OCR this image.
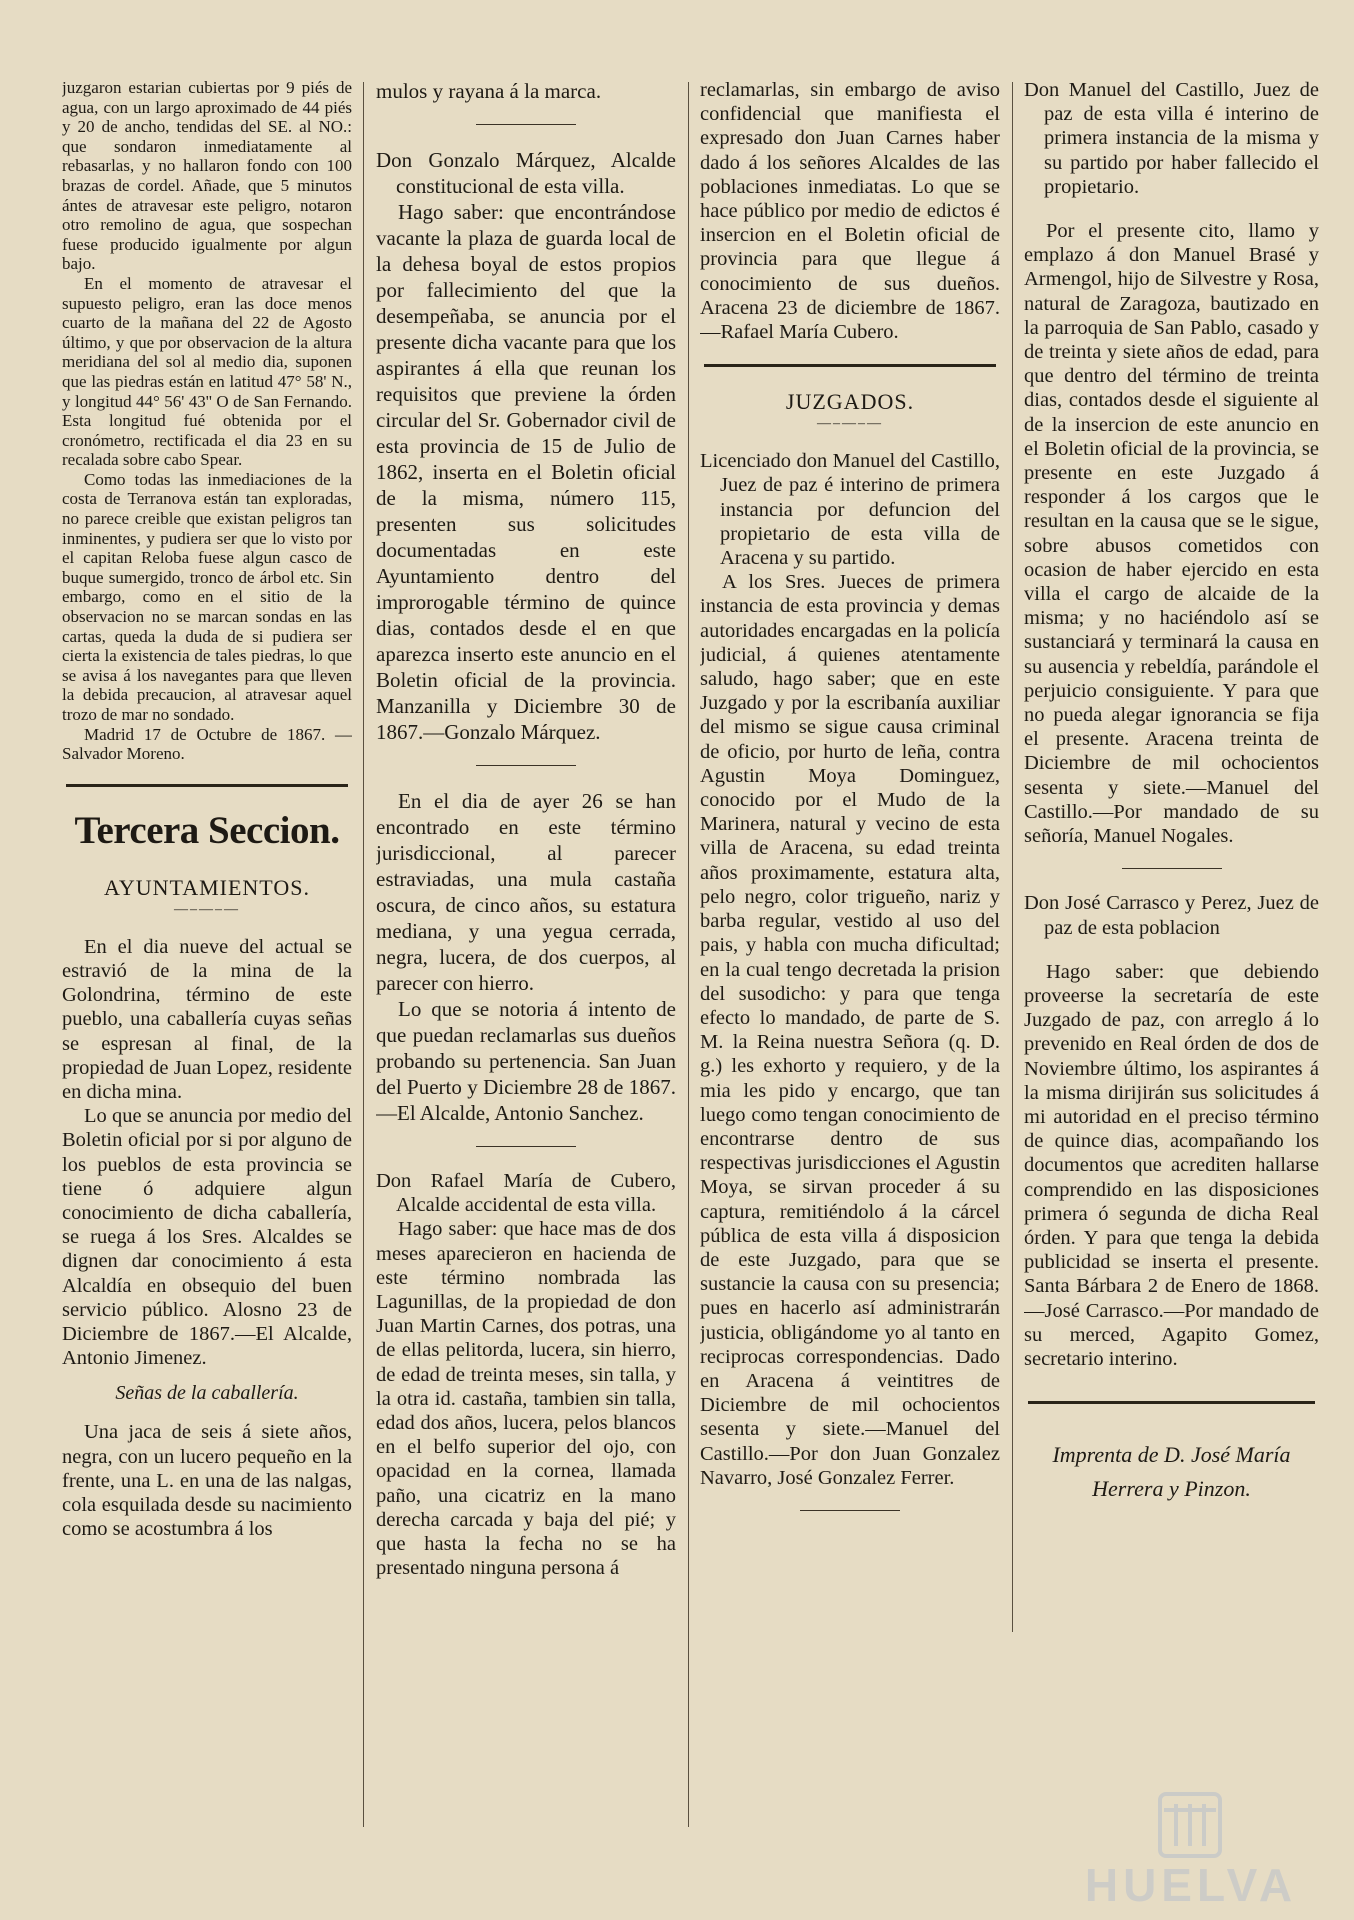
juzgaron estarian cubiertas por 9 piés de agua, con un largo aproximado de 44 piés y 20 de ancho, tendidas del SE. al NO.: que sondaron inmediatamente al rebasarlas, y no hallaron fondo con 100 brazas de cordel. Añade, que 5 minutos ántes de atravesar este peligro, notaron otro remolino de agua, que sospechan fuese producido igualmente por algun bajo.

En el momento de atravesar el supuesto peligro, eran las doce menos cuarto de la mañana del 22 de Agosto último, y que por observacion de la altura meridiana del sol al medio dia, suponen que las piedras están en latitud 47° 58' N., y longitud 44° 56' 43'' O de San Fernando. Esta longitud fué obtenida por el cronómetro, rectificada el dia 23 en su recalada sobre cabo Spear.

Como todas las inmediaciones de la costa de Terranova están tan exploradas, no parece creible que existan peligros tan inminentes, y pudiera ser que lo visto por el capitan Reloba fuese algun casco de buque sumergido, tronco de árbol etc. Sin embargo, como en el sitio de la observacion no se marcan sondas en las cartas, queda la duda de si pudiera ser cierta la existencia de tales piedras, lo que se avisa á los navegantes para que lleven la debida precaucion, al atravesar aquel trozo de mar no sondado.

Madrid 17 de Octubre de 1867. —Salvador Moreno.

Tercera Seccion.
AYUNTAMIENTOS.
—‒—‒—

En el dia nueve del actual se estravió de la mina de la Golondrina, término de este pueblo, una caballería cuyas señas se espresan al final, de la propiedad de Juan Lopez, residente en dicha mina.

Lo que se anuncia por medio del Boletin oficial por si por alguno de los pueblos de esta provincia se tiene ó adquiere algun conocimiento de dicha caballería, se ruega á los Sres. Alcaldes se dignen dar conocimiento á esta Alcaldía en obsequio del buen servicio público. Alosno 23 de Diciembre de 1867.—El Alcalde, Antonio Jimenez.

Señas de la caballería.

Una jaca de seis á siete años, negra, con un lucero pequeño en la frente, una L. en una de las nalgas, cola esquilada desde su nacimiento como se acostumbra á los

mulos y rayana á la marca.

Don Gonzalo Márquez, Alcalde constitucional de esta villa.

Hago saber: que encontrándose vacante la plaza de guarda local de la dehesa boyal de estos propios por fallecimiento del que la desempeñaba, se anuncia por el presente dicha vacante para que los aspirantes á ella que reunan los requisitos que previene la órden circular del Sr. Gobernador civil de esta provincia de 15 de Julio de 1862, inserta en el Boletin oficial de la misma, número 115, presenten sus solicitudes documentadas en este Ayuntamiento dentro del improrogable término de quince dias, contados desde el en que aparezca inserto este anuncio en el Boletin oficial de la provincia. Manzanilla y Diciembre 30 de 1867.—Gonzalo Márquez.

En el dia de ayer 26 se han encontrado en este término jurisdiccional, al parecer estraviadas, una mula castaña oscura, de cinco años, su estatura mediana, y una yegua cerrada, negra, lucera, de dos cuerpos, al parecer con hierro.

Lo que se notoria á intento de que puedan reclamarlas sus dueños probando su pertenencia. San Juan del Puerto y Diciembre 28 de 1867.—El Alcalde, Antonio Sanchez.

Don Rafael María de Cubero, Alcalde accidental de esta villa.

Hago saber: que hace mas de dos meses aparecieron en hacienda de este término nombrada las Lagunillas, de la propiedad de don Juan Martin Carnes, dos potras, una de ellas pelitorda, lucera, sin hierro, de edad de treinta meses, sin talla, y la otra id. castaña, tambien sin talla, edad dos años, lucera, pelos blancos en el belfo superior del ojo, con opacidad en la cornea, llamada paño, una cicatriz en la mano derecha carcada y baja del pié; y que hasta la fecha no se ha presentado ninguna persona á

reclamarlas, sin embargo de aviso confidencial que manifiesta el expresado don Juan Carnes haber dado á los señores Alcaldes de las poblaciones inmediatas. Lo que se hace público por medio de edictos é insercion en el Boletin oficial de provincia para que llegue á conocimiento de sus dueños. Aracena 23 de diciembre de 1867.—Rafael María Cubero.

JUZGADOS.
—‒—‒—

Licenciado don Manuel del Castillo, Juez de paz é interino de primera instancia por defuncion del propietario de esta villa de Aracena y su partido.

A los Sres. Jueces de primera instancia de esta provincia y demas autoridades encargadas en la policía judicial, á quienes atentamente saludo, hago saber; que en este Juzgado y por la escribanía auxiliar del mismo se sigue causa criminal de oficio, por hurto de leña, contra Agustin Moya Dominguez, conocido por el Mudo de la Marinera, natural y vecino de esta villa de Aracena, su edad treinta años proximamente, estatura alta, pelo negro, color trigueño, nariz y barba regular, vestido al uso del pais, y habla con mucha dificultad; en la cual tengo decretada la prision del susodicho: y para que tenga efecto lo mandado, de parte de S. M. la Reina nuestra Señora (q. D. g.) les exhorto y requiero, y de la mia les pido y encargo, que tan luego como tengan conocimiento de encontrarse dentro de sus respectivas jurisdicciones el Agustin Moya, se sirvan proceder á su captura, remitiéndolo á la cárcel pública de esta villa á disposicion de este Juzgado, para que se sustancie la causa con su presencia; pues en hacerlo así administrarán justicia, obligándome yo al tanto en reciprocas correspondencias. Dado en Aracena á veintitres de Diciembre de mil ochocientos sesenta y siete.—Manuel del Castillo.—Por don Juan Gonzalez Navarro, José Gonzalez Ferrer.

Don Manuel del Castillo, Juez de paz de esta villa é interino de primera instancia de la misma y su partido por haber fallecido el propietario.

Por el presente cito, llamo y emplazo á don Manuel Brasé y Armengol, hijo de Silvestre y Rosa, natural de Zaragoza, bautizado en la parroquia de San Pablo, casado y de treinta y siete años de edad, para que dentro del término de treinta dias, contados desde el siguiente al de la insercion de este anuncio en el Boletin oficial de la provincia, se presente en este Juzgado á responder á los cargos que le resultan en la causa que se le sigue, sobre abusos cometidos con ocasion de haber ejercido en esta villa el cargo de alcaide de la misma; y no haciéndolo así se sustanciará y terminará la causa en su ausencia y rebeldía, parándole el perjuicio consiguiente. Y para que no pueda alegar ignorancia se fija el presente. Aracena treinta de Diciembre de mil ochocientos sesenta y siete.—Manuel del Castillo.—Por mandado de su señoría, Manuel Nogales.

Don José Carrasco y Perez, Juez de paz de esta poblacion

Hago saber: que debiendo proveerse la secretaría de este Juzgado de paz, con arreglo á lo prevenido en Real órden de dos de Noviembre último, los aspirantes á la misma dirijirán sus solicitudes á mi autoridad en el preciso término de quince dias, acompañando los documentos que acrediten hallarse comprendido en las disposiciones primera ó segunda de dicha Real órden. Y para que tenga la debida publicidad se inserta el presente. Santa Bárbara 2 de Enero de 1868. —José Carrasco.—Por mandado de su merced, Agapito Gomez, secretario interino.

Imprenta de D. José María
Herrera y Pinzon.
HUELVA
